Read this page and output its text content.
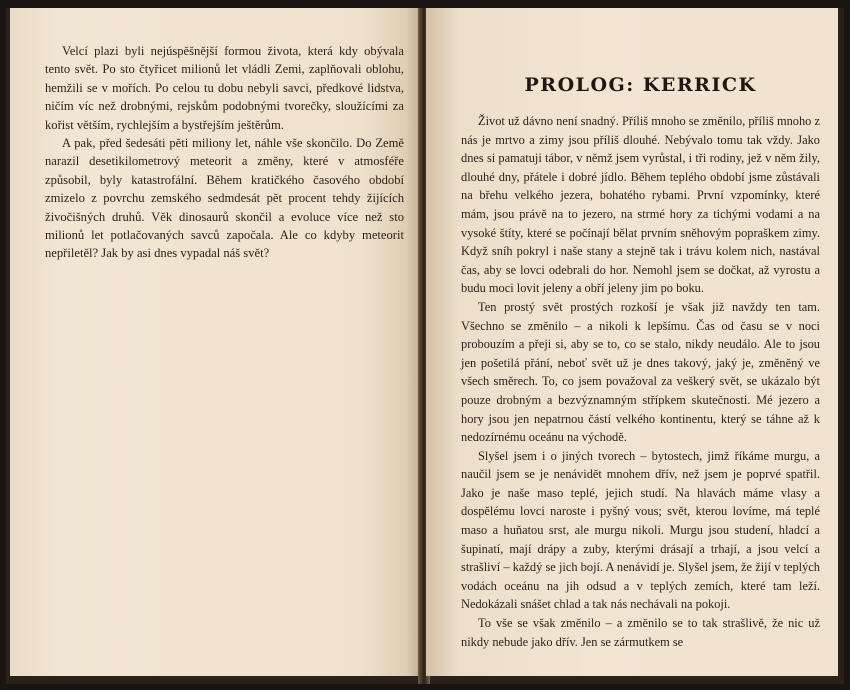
Velcí plazi byli nejúspěšnější formou života, která kdy obývala tento svět. Po sto čtyřicet milionů let vládli Zemi, zaplňovali oblohu, hemžili se v mořích. Po celou tu dobu nebyli savci, předkové lidstva, ničím víc než drobnými, rejskům podobnými tvorečky, sloužícími za kořist větším, rychlejším a bystřejším ještěrům.

A pak, před šedesáti pěti miliony let, náhle vše skončilo. Do Země narazil desetikilometrový meteorit a změny, které v atmosféře způsobil, byly katastrofální. Během kratičkého časového období zmizelo z povrchu zemského sedmdesát pět procent tehdy žijících živočišných druhů. Věk dinosaurů skončil a evoluce více než sto milionů let potlačovaných savců započala. Ale co kdyby meteorit nepřiletěl? Jak by asi dnes vypadal náš svět?

PROLOG: KERRICK

Život už dávno není snadný. Příliš mnoho se změnilo, příliš mnoho z nás je mrtvo a zimy jsou příliš dlouhé. Nebývalo tomu tak vždy. Jako dnes si pamatuji tábor, v němž jsem vyrůstal, i tři rodiny, jež v něm žily, dlouhé dny, přátele i dobré jídlo. Během teplého období jsme zůstávali na břehu velkého jezera, bohatého rybami. První vzpomínky, které mám, jsou právě na to jezero, na strmé hory za tichými vodami a na vysoké štíty, které se počínají bělat prvním sněhovým popraškem zimy. Když sníh pokryl i naše stany a stejně tak i trávu kolem nich, nastával čas, aby se lovci odebrali do hor. Nemohl jsem se dočkat, až vyrostu a budu moci lovit jeleny a obří jeleny jim po boku.

Ten prostý svět prostých rozkoší je však již navždy ten tam. Všechno se změnilo – a nikoli k lepšímu. Čas od času se v noci probouzím a přeji si, aby se to, co se stalo, nikdy neudálo. Ale to jsou jen pošetilá přání, neboť svět už je dnes takový, jaký je, změněný ve všech směrech. To, co jsem považoval za veškerý svět, se ukázalo být pouze drobným a bezvýznamným střípkem skutečnosti. Mé jezero a hory jsou jen nepatrnou částí velkého kontinentu, který se táhne až k nedozírnému oceánu na východě.

Slyšel jsem i o jiných tvorech – bytostech, jimž říkáme murgu, a naučil jsem se je nenávidět mnohem dřív, než jsem je poprvé spatřil. Jako je naše maso teplé, jejich studí. Na hlavách máme vlasy a dospělému lovci naroste i pyšný vous; svět, kterou lovíme, má teplé maso a huňatou srst, ale murgu nikoli. Murgu jsou studení, hladcí a šupinatí, mají drápy a zuby, kterými drásají a trhají, a jsou velcí a strašliví – každý se jich bojí. A nenávidí je. Slyšel jsem, že žijí v teplých vodách oceánu na jih odsud a v teplých zemích, které tam leží. Nedokázali snášet chlad a tak nás nechávali na pokoji.

To vše se však změnilo – a změnilo se to tak strašlivě, že nic už nikdy nebude jako dřív. Jen se zármutkem se
